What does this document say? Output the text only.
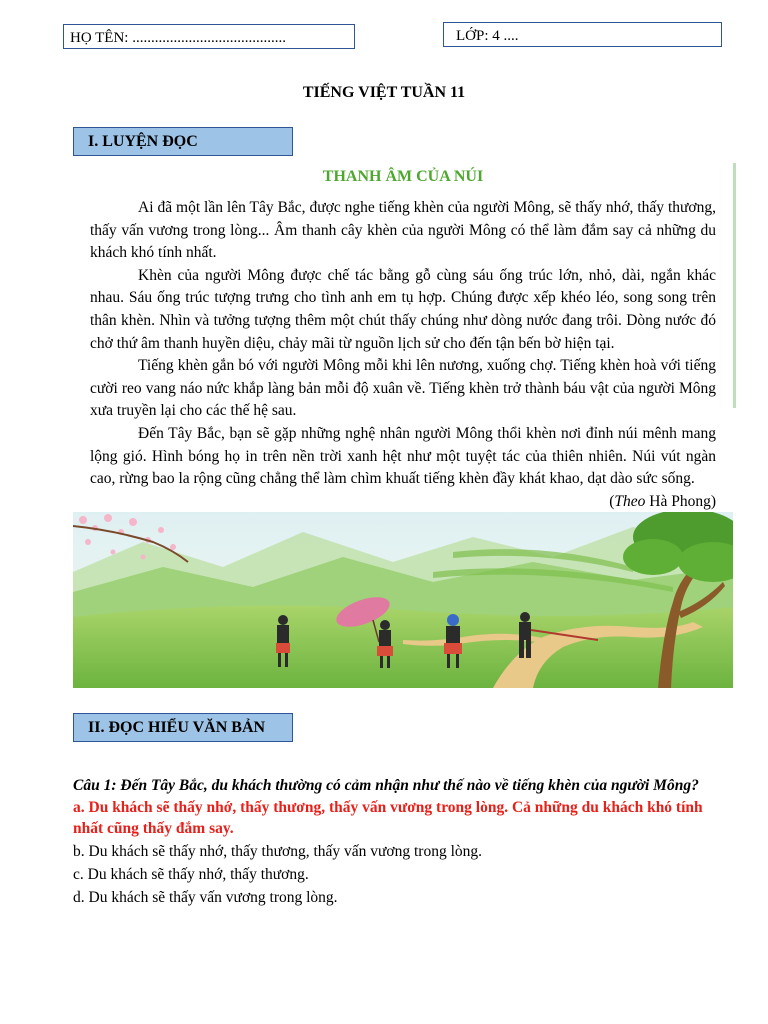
HỌ TÊN: .........................................	LỚP: 4 ....
TIẾNG VIỆT TUẦN 11
I. LUYỆN ĐỌC
THANH ÂM CỦA NÚI

Ai đã một lần lên Tây Bắc, được nghe tiếng khèn của người Mông, sẽ thấy nhớ, thấy thương, thấy vấn vương trong lòng... Âm thanh cây khèn của người Mông có thể làm đắm say cả những du khách khó tính nhất.

Khèn của người Mông được chế tác bằng gỗ cùng sáu ống trúc lớn, nhỏ, dài, ngắn khác nhau. Sáu ống trúc tượng trưng cho tình anh em tụ hợp. Chúng được xếp khéo léo, song song trên thân khèn. Nhìn và tưởng tượng thêm một chút thấy chúng như dòng nước đang trôi. Dòng nước đó chở thứ âm thanh huyền diệu, chảy mãi từ nguồn lịch sử cho đến tận bến bờ hiện tại.

Tiếng khèn gắn bó với người Mông mỗi khi lên nương, xuống chợ. Tiếng khèn hoà với tiếng cười reo vang náo nức khắp làng bản mỗi độ xuân về. Tiếng khèn trở thành báu vật của người Mông xưa truyền lại cho các thế hệ sau.

Đến Tây Bắc, bạn sẽ gặp những nghệ nhân người Mông thổi khèn nơi đỉnh núi mênh mang lộng gió. Hình bóng họ in trên nền trời xanh hệt như một tuyệt tác của thiên nhiên. Núi vút ngàn cao, rừng bao la rộng cũng chẳng thể làm chìm khuất tiếng khèn đầy khát khao, dạt dào sức sống.

(Theo Hà Phong)
II. ĐỌC HIỂU VĂN BẢN

Câu 1: Đến Tây Bắc, du khách thường có cảm nhận như thế nào về tiếng khèn của người Mông?

a. Du khách sẽ thấy nhớ, thấy thương, thấy vấn vương trong lòng. Cả những du khách khó tính nhất cũng thấy đắm say.

b. Du khách sẽ thấy nhớ, thấy thương, thấy vấn vương trong lòng.

c. Du khách sẽ thấy nhớ, thấy thương.

d. Du khách sẽ thấy vấn vương trong lòng.
